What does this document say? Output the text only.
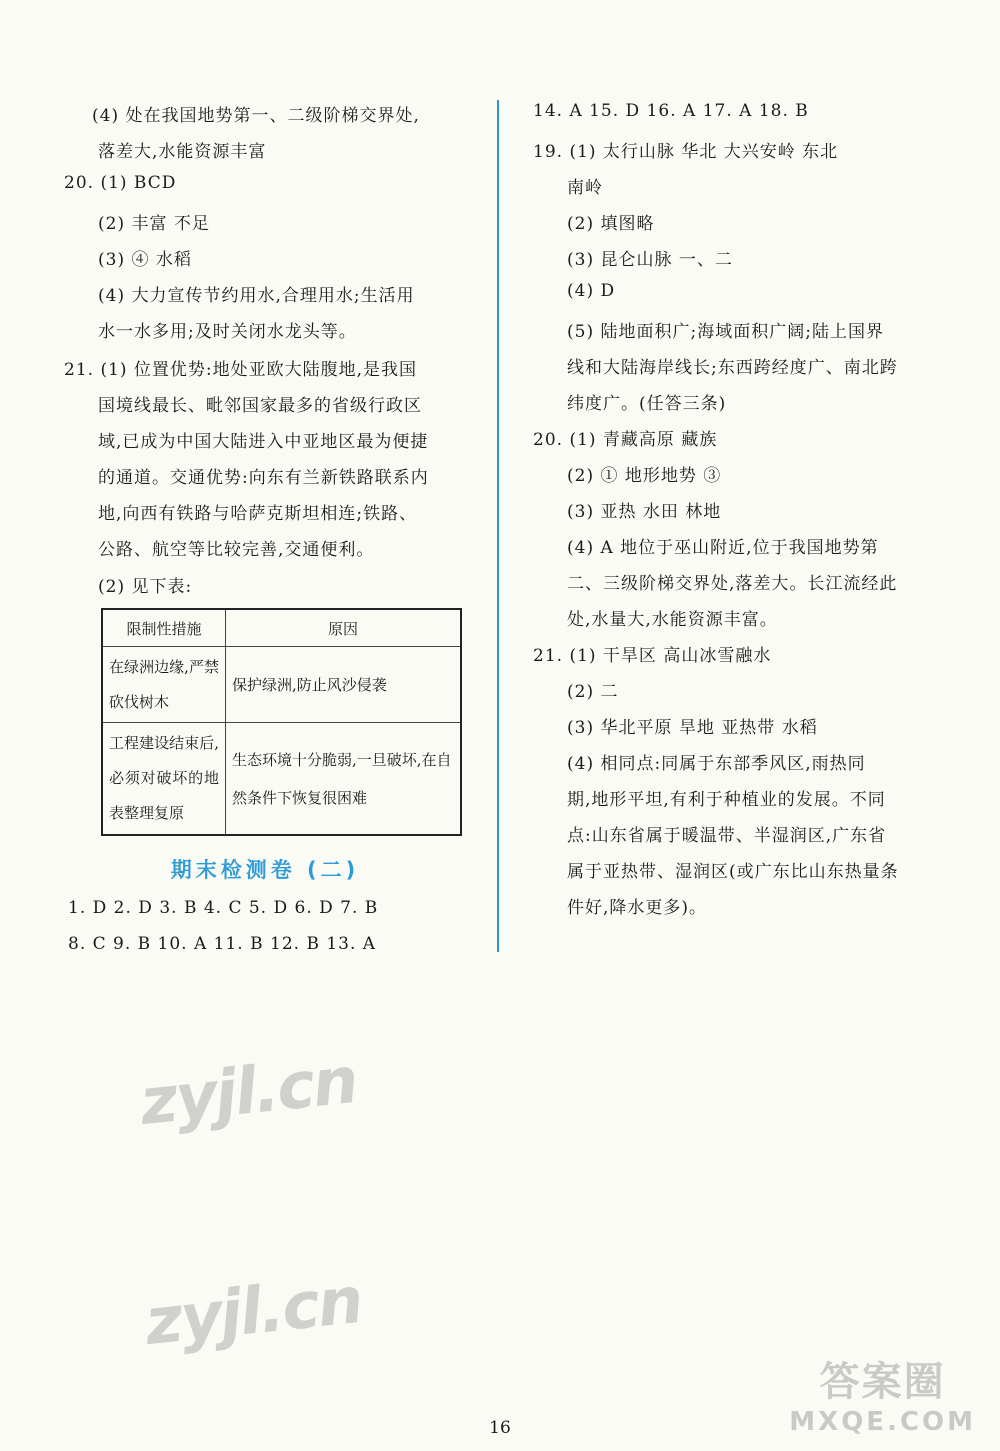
(4) 处在我国地势第一、二级阶梯交界处,
落差大,水能资源丰富
20. (1) BCD
(2) 丰富 不足
(3) ④ 水稻
(4) 大力宣传节约用水,合理用水;生活用
水一水多用;及时关闭水龙头等。
21. (1) 位置优势:地处亚欧大陆腹地,是我国
国境线最长、毗邻国家最多的省级行政区
域,已成为中国大陆进入中亚地区最为便捷
的通道。交通优势:向东有兰新铁路联系内
地,向西有铁路与哈萨克斯坦相连;铁路、
公路、航空等比较完善,交通便利。
(2) 见下表:
限制性措施	原因
在绿洲边缘,严禁砍伐树木	保护绿洲,防止风沙侵袭
工程建设结束后,必须对破坏的地表整理复原	生态环境十分脆弱,一旦破坏,在自然条件下恢复很困难
期末检测卷 (二)
1. D 2. D 3. B 4. C 5. D 6. D 7. B
8. C 9. B 10. A 11. B 12. B 13. A
14. A 15. D 16. A 17. A 18. B
19. (1) 太行山脉 华北 大兴安岭 东北
南岭
(2) 填图略
(3) 昆仑山脉 一、二
(4) D
(5) 陆地面积广;海域面积广阔;陆上国界
线和大陆海岸线长;东西跨经度广、南北跨
纬度广。(任答三条)
20. (1) 青藏高原 藏族
(2) ① 地形地势 ③
(3) 亚热 水田 林地
(4) A 地位于巫山附近,位于我国地势第
二、三级阶梯交界处,落差大。长江流经此
处,水量大,水能资源丰富。
21. (1) 干旱区 高山冰雪融水
(2) 二
(3) 华北平原 旱地 亚热带 水稻
(4) 相同点:同属于东部季风区,雨热同
期,地形平坦,有利于种植业的发展。不同
点:山东省属于暖温带、半湿润区,广东省
属于亚热带、湿润区(或广东比山东热量条
件好,降水更多)。
zyjl.cn
zyjl.cn
答案圈
MXQE.COM
16
